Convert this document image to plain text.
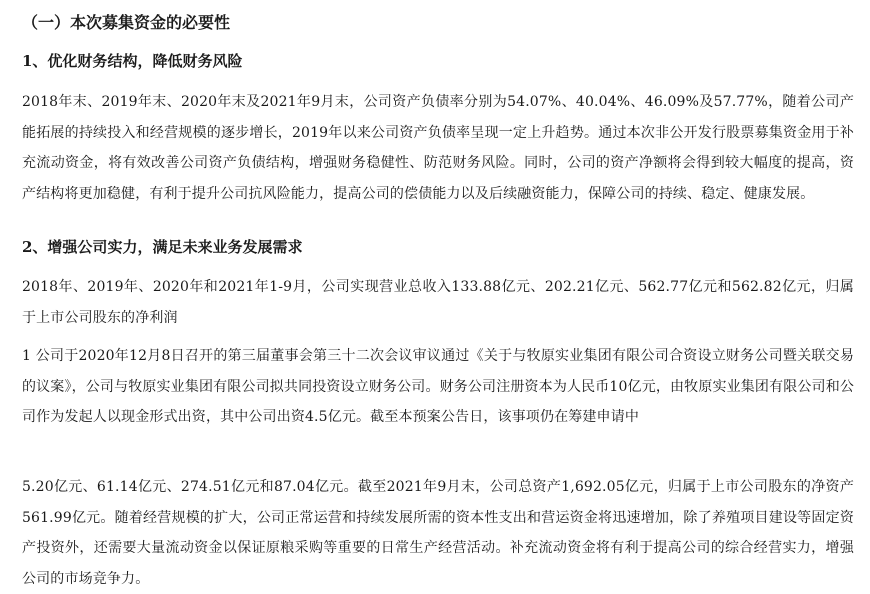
（一）本次募集资金的必要性
1、优化财务结构，降低财务风险
2018年末、2019年末、2020年末及2021年9月末，公司资产负债率分别为54.07%、40.04%、46.09%及57.77%，随着公司产能拓展的持续投入和经营规模的逐步增长，2019年以来公司资产负债率呈现一定上升趋势。通过本次非公开发行股票募集资金用于补充流动资金，将有效改善公司资产负债结构，增强财务稳健性、防范财务风险。同时，公司的资产净额将会得到较大幅度的提高，资产结构将更加稳健，有利于提升公司抗风险能力，提高公司的偿债能力以及后续融资能力，保障公司的持续、稳定、健康发展。
2、增强公司实力，满足未来业务发展需求
2018年、2019年、2020年和2021年1-9月，公司实现营业总收入133.88亿元、202.21亿元、562.77亿元和562.82亿元，归属于上市公司股东的净利润
1 公司于2020年12月8日召开的第三届董事会第三十二次会议审议通过《关于与牧原实业集团有限公司合资设立财务公司暨关联交易的议案》，公司与牧原实业集团有限公司拟共同投资设立财务公司。财务公司注册资本为人民币10亿元，由牧原实业集团有限公司和公司作为发起人以现金形式出资，其中公司出资4.5亿元。截至本预案公告日，该事项仍在筹建申请中
5.20亿元、61.14亿元、274.51亿元和87.04亿元。截至2021年9月末，公司总资产1,692.05亿元，归属于上市公司股东的净资产561.99亿元。随着经营规模的扩大，公司正常运营和持续发展所需的资本性支出和营运资金将迅速增加，除了养殖项目建设等固定资产投资外，还需要大量流动资金以保证原粮采购等重要的日常生产经营活动。补充流动资金将有利于提高公司的综合经营实力，增强公司的市场竞争力。
